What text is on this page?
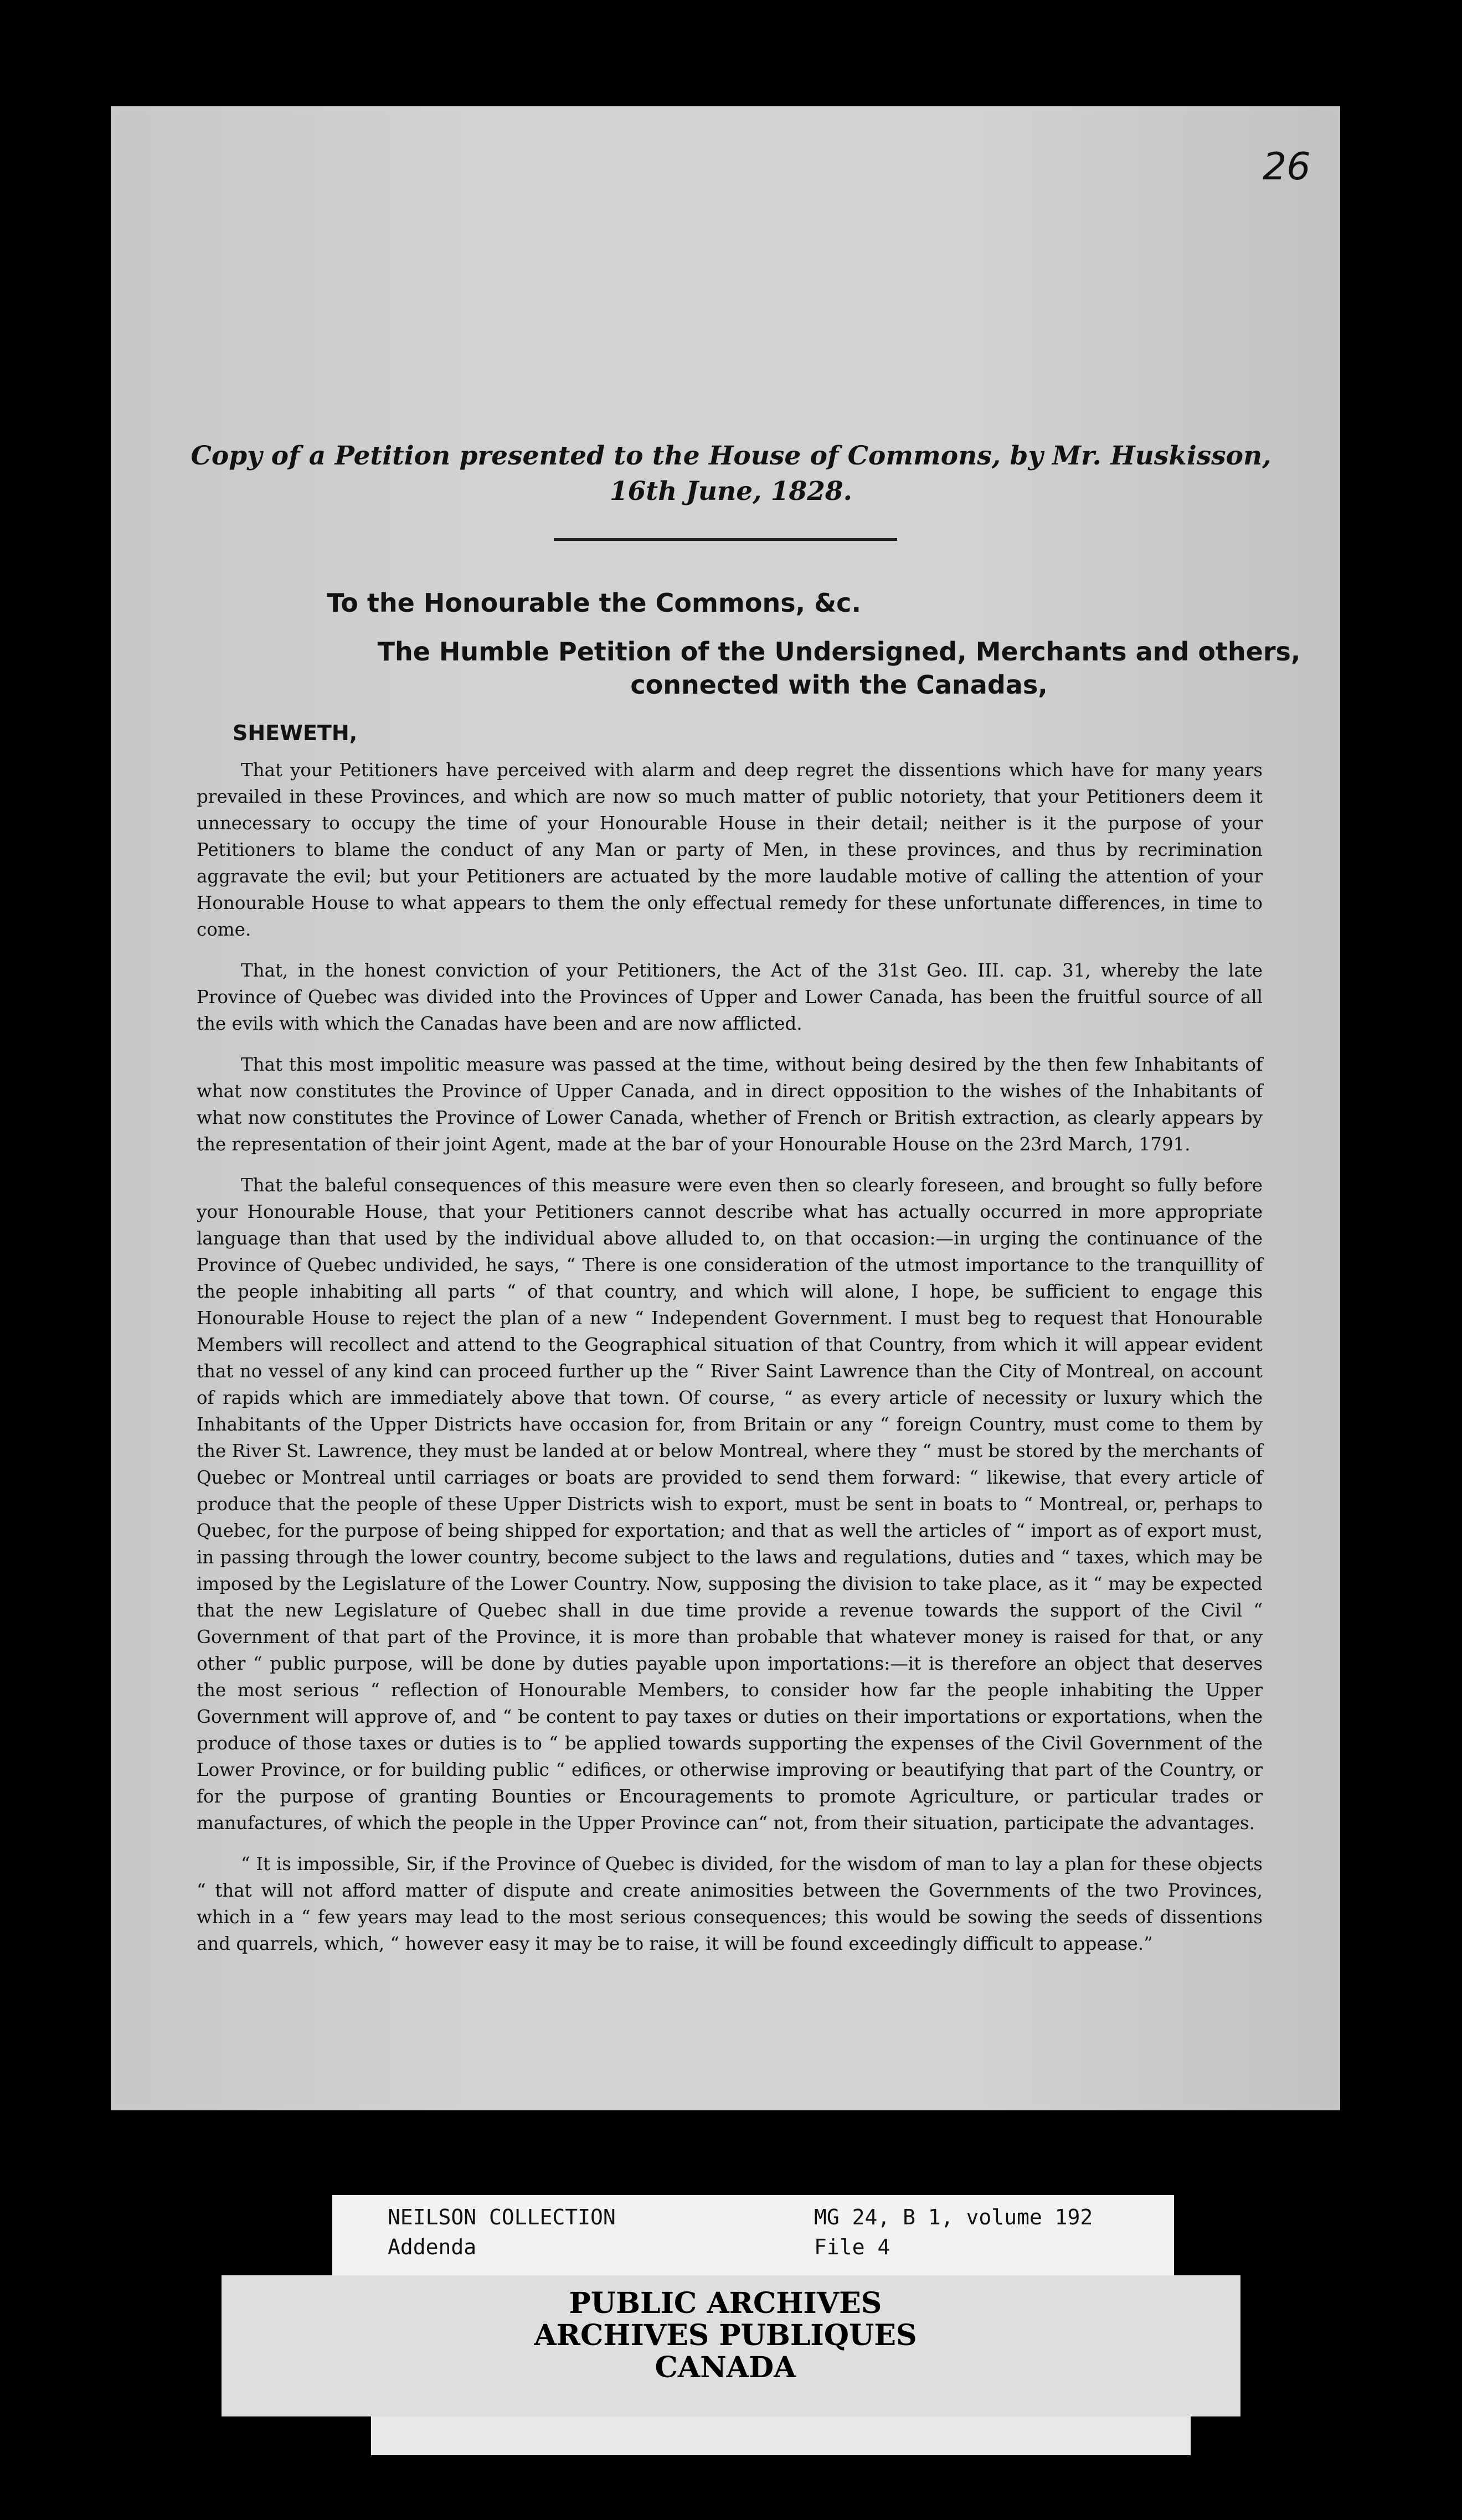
26
Copy of a Petition presented to the House of Commons, by Mr. Huskisson,
16th June, 1828.
To the Honourable the Commons, &c.
The Humble Petition of the Undersigned, Merchants and others, connected with the Canadas,
SHEWETH,

That your Petitioners have perceived with alarm and deep regret the dissentions which have for many years prevailed in these Provinces, and which are now so much matter of public notoriety, that your Petitioners deem it unnecessary to occupy the time of your Honourable House in their detail; neither is it the purpose of your Petitioners to blame the conduct of any Man or party of Men, in these provinces, and thus by recrimination aggravate the evil; but your Petitioners are actuated by the more laudable motive of calling the attention of your Honourable House to what appears to them the only effectual remedy for these unfortunate differences, in time to come.

That, in the honest conviction of your Petitioners, the Act of the 31st Geo. III. cap. 31, whereby the late Province of Quebec was divided into the Provinces of Upper and Lower Canada, has been the fruitful source of all the evils with which the Canadas have been and are now afflicted.

That this most impolitic measure was passed at the time, without being desired by the then few Inhabitants of what now constitutes the Province of Upper Canada, and in direct opposition to the wishes of the Inhabitants of what now constitutes the Province of Lower Canada, whether of French or British extraction, as clearly appears by the representation of their joint Agent, made at the bar of your Honourable House on the 23rd March, 1791.

That the baleful consequences of this measure were even then so clearly foreseen, and brought so fully before your Honourable House, that your Petitioners cannot describe what has actually occurred in more appropriate language than that used by the individual above alluded to, on that occasion:—in urging the continuance of the Province of Quebec undivided, he says, “ There is one consideration of the utmost importance to the tranquillity of the people inhabiting all parts “ of that country, and which will alone, I hope, be sufficient to engage this Honourable House to reject the plan of a new “ Independent Government. I must beg to request that Honourable Members will recollect and attend to the Geographical situation of that Country, from which it will appear evident that no vessel of any kind can proceed further up the “ River Saint Lawrence than the City of Montreal, on account of rapids which are immediately above that town. Of course, “ as every article of necessity or luxury which the Inhabitants of the Upper Districts have occasion for, from Britain or any “ foreign Country, must come to them by the River St. Lawrence, they must be landed at or below Montreal, where they “ must be stored by the merchants of Quebec or Montreal until carriages or boats are provided to send them forward: “ likewise, that every article of produce that the people of these Upper Districts wish to export, must be sent in boats to “ Montreal, or, perhaps to Quebec, for the purpose of being shipped for exportation; and that as well the articles of “ import as of export must, in passing through the lower country, become subject to the laws and regulations, duties and “ taxes, which may be imposed by the Legislature of the Lower Country. Now, supposing the division to take place, as it “ may be expected that the new Legislature of Quebec shall in due time provide a revenue towards the support of the Civil “ Government of that part of the Province, it is more than probable that whatever money is raised for that, or any other “ public purpose, will be done by duties payable upon importations:—it is therefore an object that deserves the most serious “ reflection of Honourable Members, to consider how far the people inhabiting the Upper Government will approve of, and “ be content to pay taxes or duties on their importations or exportations, when the produce of those taxes or duties is to “ be applied towards supporting the expenses of the Civil Government of the Lower Province, or for building public “ edifices, or otherwise improving or beautifying that part of the Country, or for the purpose of granting Bounties or Encouragements to promote Agriculture, or particular trades or manufactures, of which the people in the Upper Province can“ not, from their situation, participate the advantages.

“ It is impossible, Sir, if the Province of Quebec is divided, for the wisdom of man to lay a plan for these objects “ that will not afford matter of dispute and create animosities between the Governments of the two Provinces, which in a “ few years may lead to the most serious consequences; this would be sowing the seeds of dissentions and quarrels, which, “ however easy it may be to raise, it will be found exceedingly difficult to appease.”

NEILSON COLLECTION
Addenda
MG 24, B 1, volume 192
File 4
PUBLIC ARCHIVES
ARCHIVES PUBLIQUES
CANADA
